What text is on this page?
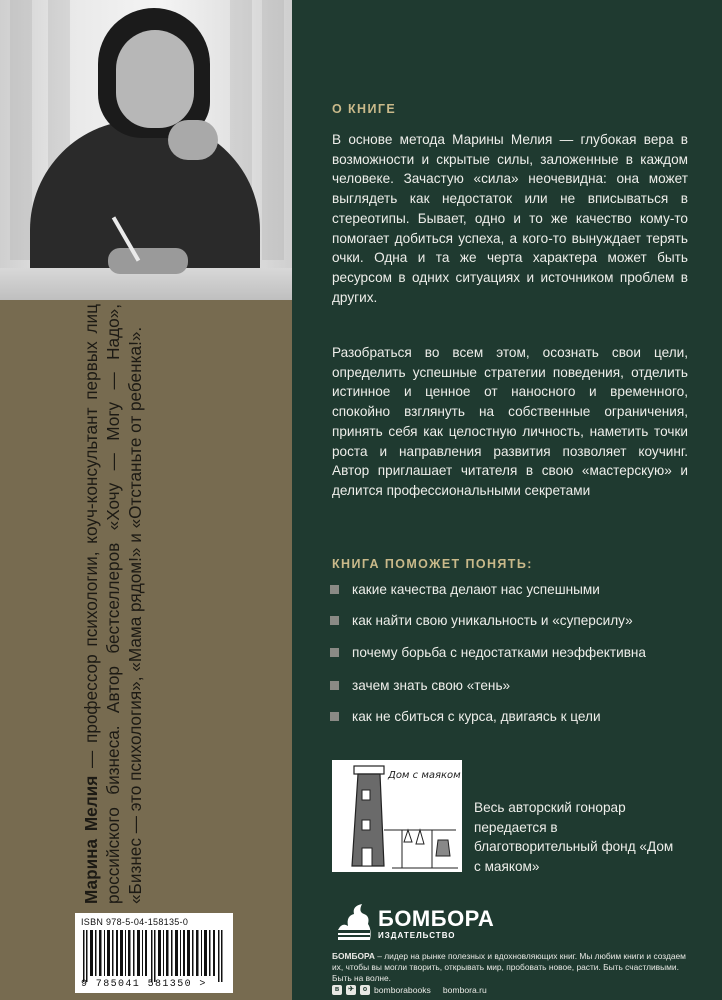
Марина Мелия — профессор психологии, коуч-консультант первых лиц российского бизнеса. Автор бестселлеров «Хочу — Могу — Надо», «Бизнес — это психология», «Мама рядом!» и «Отстаньте от ребенка!».
ISBN 978-5-04-158135-0
9 785041 581350 >
О КНИГЕ

В основе метода Марины Мелия — глубокая вера в возможности и скрытые силы, заложенные в каждом человеке. Зачастую «сила» неочевидна: она может выглядеть как недостаток или не вписываться в стереотипы. Бывает, одно и то же качество кому-то помогает добиться успеха, а кого-то вынуждает терять очки. Одна и та же черта характера может быть ресурсом в одних ситуациях и источником проблем в других.

Разобраться во всем этом, осознать свои цели, определить успешные стратегии поведения, отделить истинное и ценное от наносного и временного, спокойно взглянуть на собственные ограничения, принять себя как целостную личность, наметить точки роста и направления развития позволяет коучинг. Автор приглашает читателя в свою «мастерскую» и делится профессиональными секретами

КНИГА ПОМОЖЕТ ПОНЯТЬ:
какие качества делают нас успешными
как найти свою уникальность и «суперсилу»
почему борьба с недостатками неэффективна
зачем знать свою «тень»
как не сбиться с курса, двигаясь к цели
Дом с маяком
Весь авторский гонорар передается в благотворительный фонд «Дом с маяком»
БОМБОРА
ИЗДАТЕЛЬСТВО
БОМБОРА – лидер на рынке полезных и вдохновляющих книг. Мы любим книги и создаем их, чтобы вы могли творить, открывать мир, пробовать новое, расти. Быть счастливыми. Быть на волне.
в	✈	о bomborabooks bombora.ru
